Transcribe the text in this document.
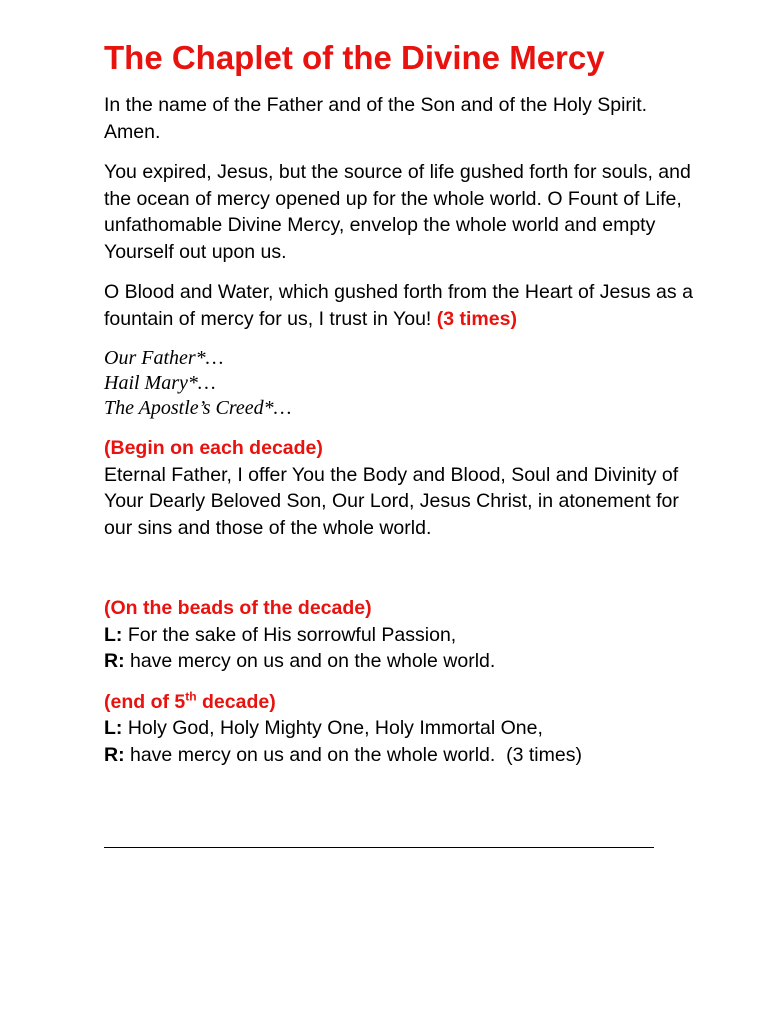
The Chaplet of the Divine Mercy
In the name of the Father and of the Son and of the Holy Spirit. Amen.
You expired, Jesus, but the source of life gushed forth for souls, and the ocean of mercy opened up for the whole world. O Fount of Life, unfathomable Divine Mercy, envelop the whole world and empty Yourself out upon us.
O Blood and Water, which gushed forth from the Heart of Jesus as a fountain of mercy for us, I trust in You! (3 times)
Our Father*…
Hail Mary*…
The Apostle’s Creed*…
(Begin on each decade)
Eternal Father, I offer You the Body and Blood, Soul and Divinity of Your Dearly Beloved Son, Our Lord, Jesus Christ, in atonement for our sins and those of the whole world.
(On the beads of the decade)
L: For the sake of His sorrowful Passion,
R: have mercy on us and on the whole world.
(end of 5th decade)
L: Holy God, Holy Mighty One, Holy Immortal One,
R: have mercy on us and on the whole world.  (3 times)
